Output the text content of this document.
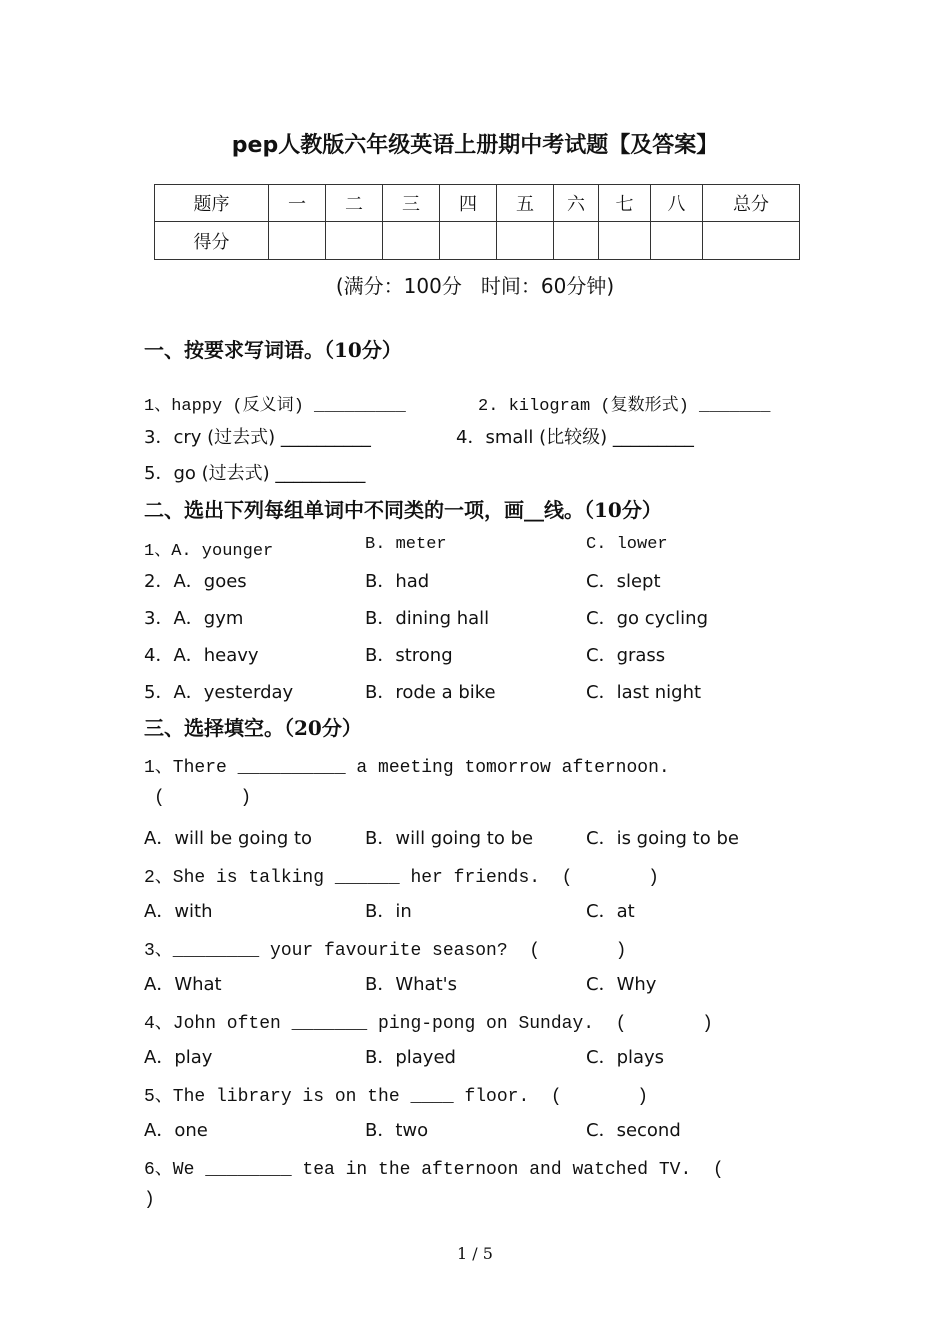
pep人教版六年级英语上册期中考试题【及答案】
题序	一	二	三	四	五	六	七	八	总分
得分									
(满分：100分   时间：60分钟)
一、按要求写词语。（10分）
1、happy (反义词) _________	2. kilogram (复数形式) _______
3．cry (过去式) __________	4．small (比较级) _________
5．go (过去式) __________
二、选出下列每组单词中不同类的一项，画__线。（10分）
1、A. younger	B. meter	C. lower
2．A．goes	B．had	C．slept
3．A．gym	B．dining hall	C．go cycling
4．A．heavy	B．strong	C．grass
5．A．yesterday	B．rode a bike	C．last night
三、选择填空。（20分）
1、There __________ a meeting tomorrow afternoon.
(       )
A．will be going to	B．will going to be	C．is going to be
2、She is talking ______ her friends.  (       )
A．with	B．in	C．at
3、________ your favourite season?  (       )
A．What	B．What's	C．Why
4、John often _______ ping-pong on Sunday.  (       )
A．play	B．played	C．plays
5、The library is on the ____ floor.  (       )
A．one	B．two	C．second
6、We ________ tea in the afternoon and watched TV.  (
)
1 / 5
